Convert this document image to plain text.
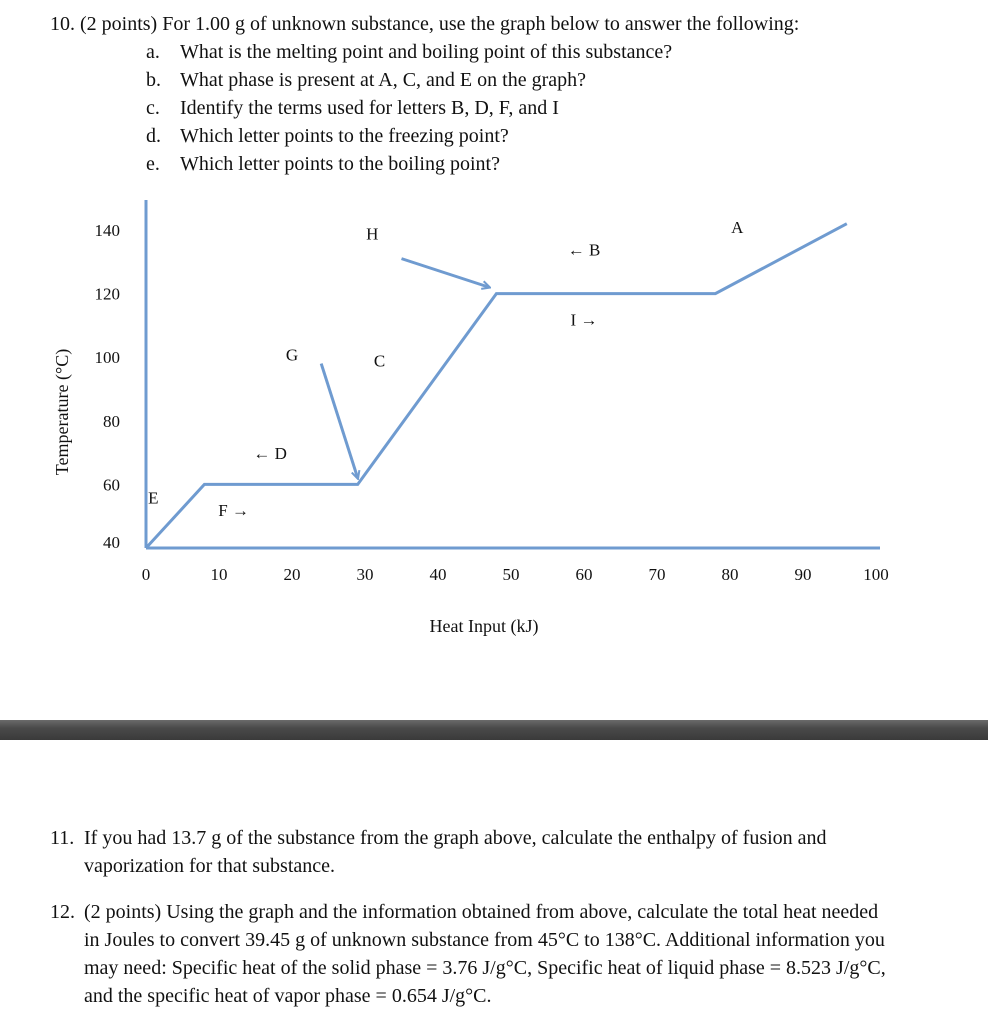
10. (2 points) For 1.00 g of unknown substance, use the graph below to answer the following:
a. What is the melting point and boiling point of this substance?
b. What phase is present at A, C, and E on the graph?
c. Identify the terms used for letters B, D, F, and I
d. Which letter points to the freezing point?
e. Which letter points to the boiling point?
0	10	20	30	40	50	60	70	80	90	100
40
60
80
100
120
140	A
← B
C
← D
E
F →
G
H
I →
Temperature (°C)
Heat Input (kJ)
11. If you had 13.7 g of the substance from the graph above, calculate the enthalpy of fusion and
vaporization for that substance.
12. (2 points) Using the graph and the information obtained from above, calculate the total heat needed
in Joules to convert 39.45 g of unknown substance from 45°C to 138°C. Additional information you
may need: Specific heat of the solid phase = 3.76 J/g°C, Specific heat of liquid phase = 8.523 J/g°C,
and the specific heat of vapor phase = 0.654 J/g°C.
